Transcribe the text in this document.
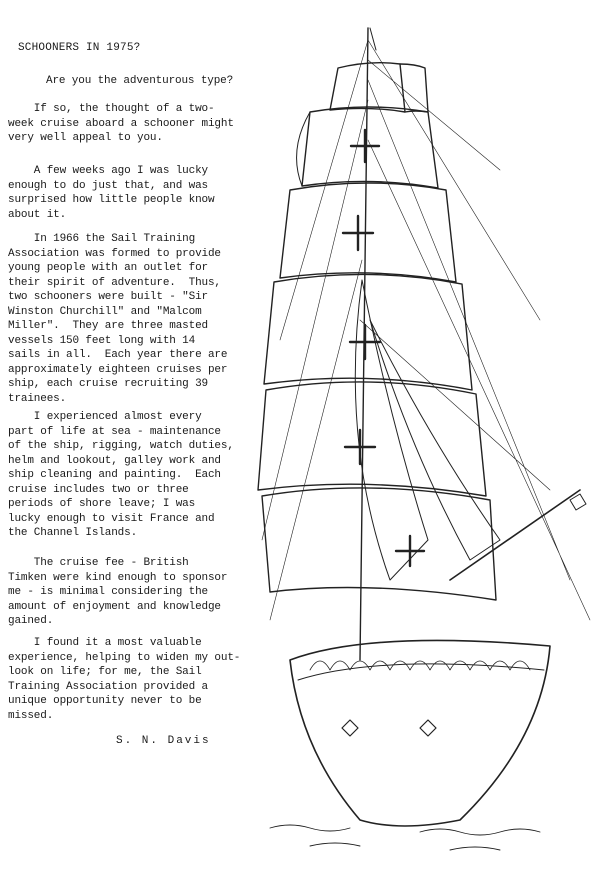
SCHOONERS IN 1975?
Are you the adventurous type?
If so, the thought of a two-
week cruise aboard a schooner might
very well appeal to you.
A few weeks ago I was lucky
enough to do just that, and was
surprised how little people know
about it.
In 1966 the Sail Training
Association was formed to provide
young people with an outlet for
their spirit of adventure.  Thus,
two schooners were built - "Sir
Winston Churchill" and "Malcom
Miller".  They are three masted
vessels 150 feet long with 14
sails in all.  Each year there are
approximately eighteen cruises per
ship, each cruise recruiting 39
trainees.
I experienced almost every
part of life at sea - maintenance
of the ship, rigging, watch duties,
helm and lookout, galley work and
ship cleaning and painting.  Each
cruise includes two or three
periods of shore leave; I was
lucky enough to visit France and
the Channel Islands.
The cruise fee - British
Timken were kind enough to sponsor
me - is minimal considering the
amount of enjoyment and knowledge
gained.
I found it a most valuable
experience, helping to widen my out-
look on life; for me, the Sail
Training Association provided a
unique opportunity never to be
missed.
S. N. Davis
